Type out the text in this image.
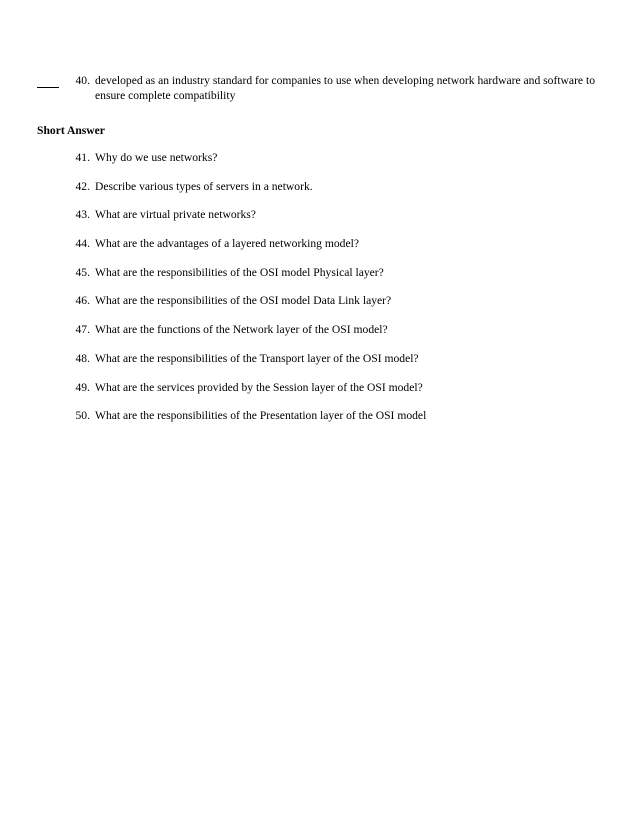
40. developed as an industry standard for companies to use when developing network hardware and software to ensure complete compatibility
Short Answer
41. Why do we use networks?
42. Describe various types of servers in a network.
43. What are virtual private networks?
44. What are the advantages of a layered networking model?
45. What are the responsibilities of the OSI model Physical layer?
46. What are the responsibilities of the OSI model Data Link layer?
47. What are the functions of the Network layer of the OSI model?
48. What are the responsibilities of the Transport layer of the OSI model?
49. What are the services provided by the Session layer of the OSI model?
50. What are the responsibilities of the Presentation layer of the OSI model
